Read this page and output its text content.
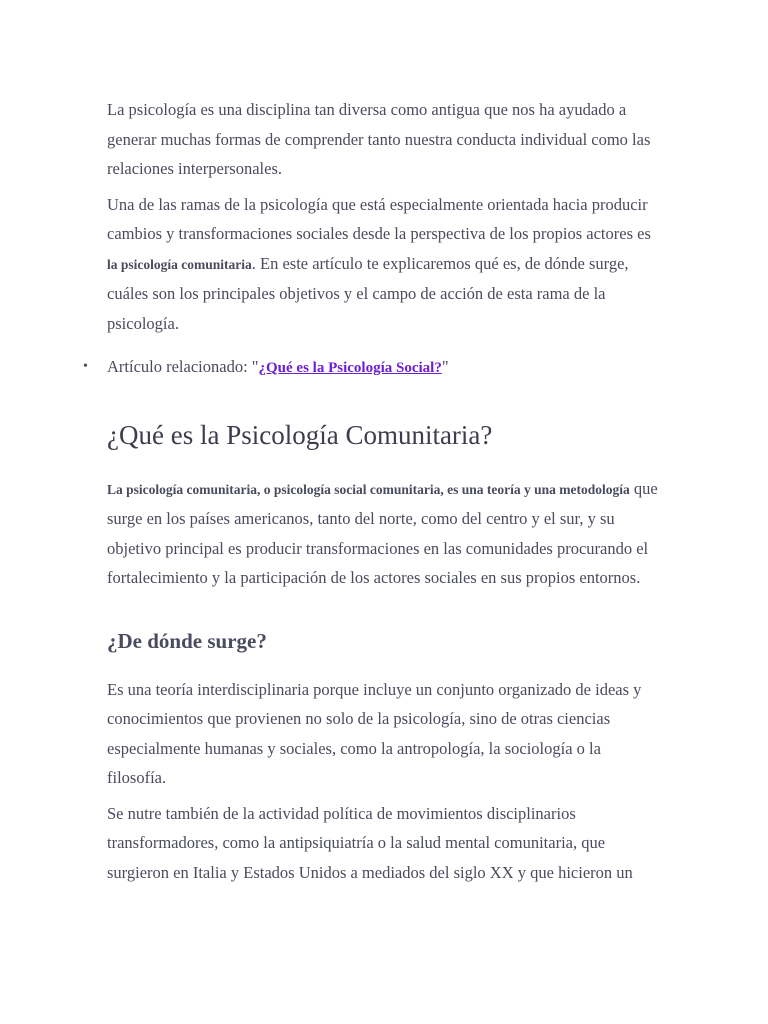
La psicología es una disciplina tan diversa como antigua que nos ha ayudado a generar muchas formas de comprender tanto nuestra conducta individual como las relaciones interpersonales.

Una de las ramas de la psicología que está especialmente orientada hacia producir cambios y transformaciones sociales desde la perspectiva de los propios actores es la psicología comunitaria. En este artículo te explicaremos qué es, de dónde surge, cuáles son los principales objetivos y el campo de acción de esta rama de la psicología.

• Artículo relacionado: "¿Qué es la Psicología Social?"
¿Qué es la Psicología Comunitaria?

La psicología comunitaria, o psicología social comunitaria, es una teoría y una metodología que surge en los países americanos, tanto del norte, como del centro y el sur, y su objetivo principal es producir transformaciones en las comunidades procurando el fortalecimiento y la participación de los actores sociales en sus propios entornos.

¿De dónde surge?

Es una teoría interdisciplinaria porque incluye un conjunto organizado de ideas y conocimientos que provienen no solo de la psicología, sino de otras ciencias especialmente humanas y sociales, como la antropología, la sociología o la filosofía.

Se nutre también de la actividad política de movimientos disciplinarios transformadores, como la antipsiquiatría o la salud mental comunitaria, que surgieron en Italia y Estados Unidos a mediados del siglo XX y que hicieron un
